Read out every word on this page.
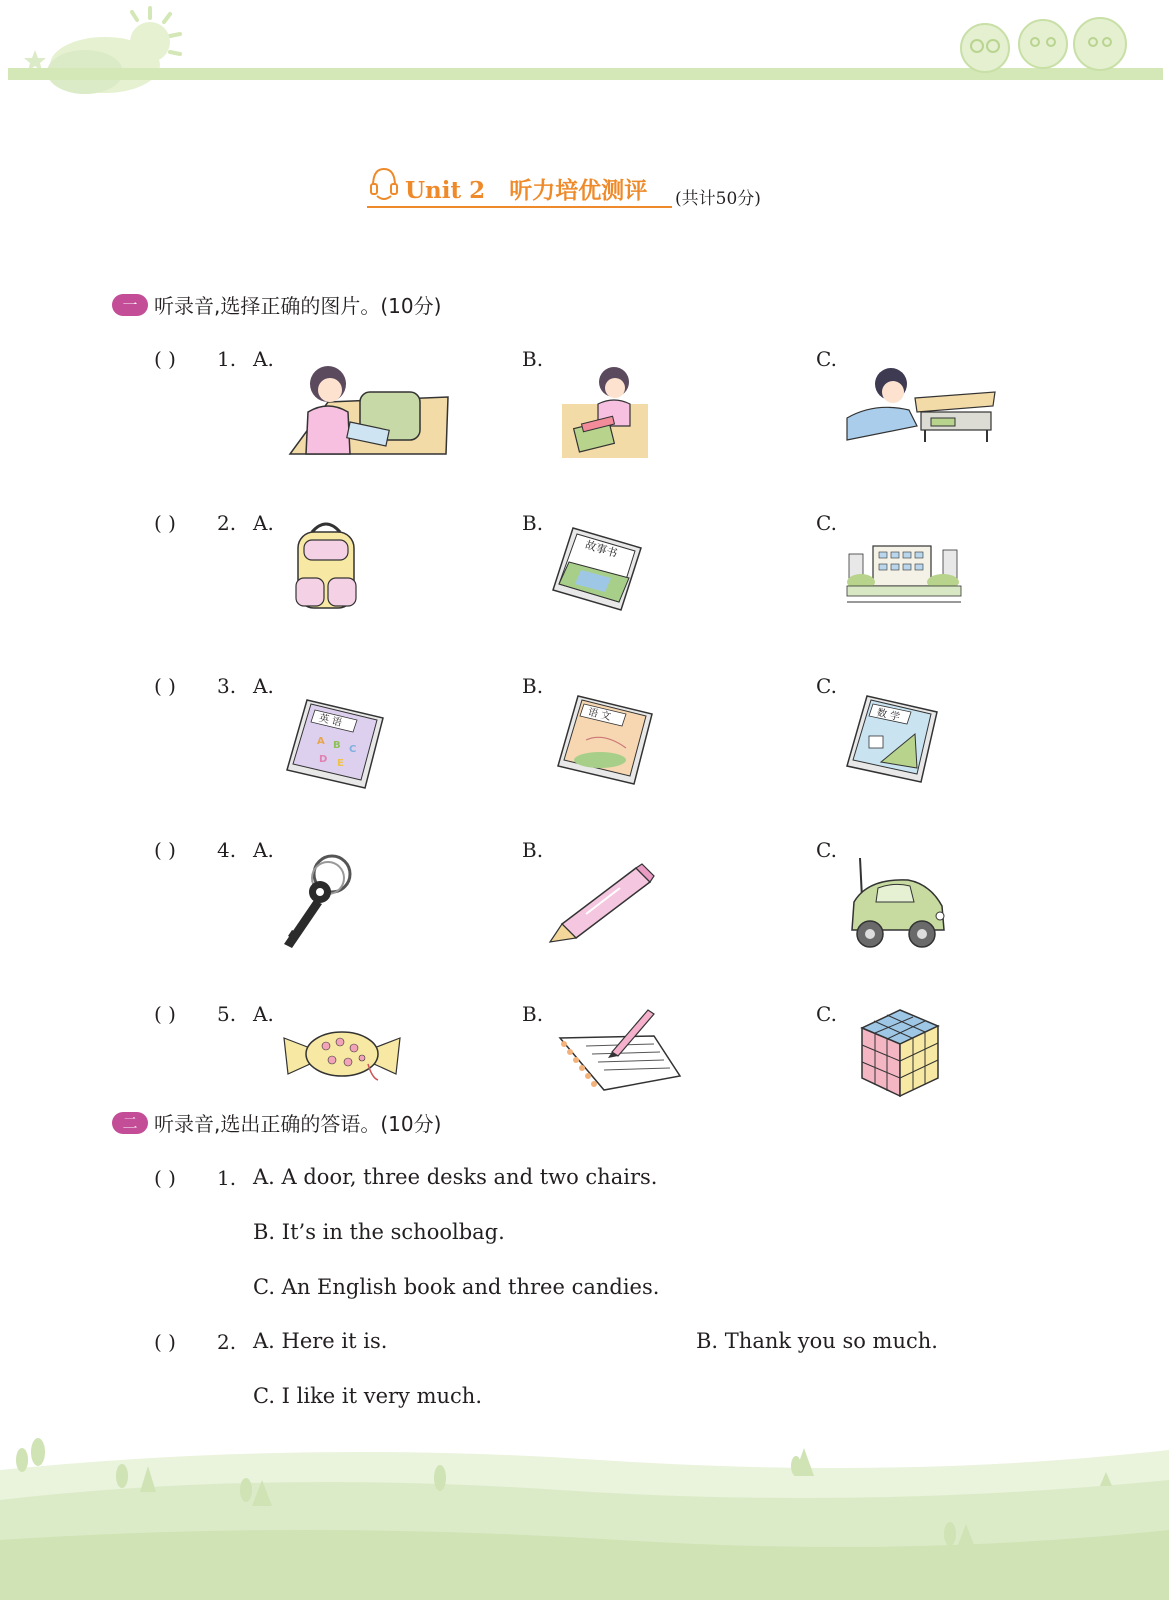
Unit 2 听力培优测评 (共计50分)
一 听录音,选择正确的图片。(10分)
( ) 1. A.	B.	C.
( ) 2. A.	B.	C.
故事书
( ) 3. A.	B.	C.
英 语
A B C
D E
语 文	数 学
( ) 4. A.	B.	C.
( ) 5. A.	B.	C.
二 听录音,选出正确的答语。(10分)
( ) 1. A. A door, three desks and two chairs.
B. It’s in the schoolbag.
C. An English book and three candies.
( ) 2. A. Here it is.	B. Thank you so much.
C. I like it very much.
